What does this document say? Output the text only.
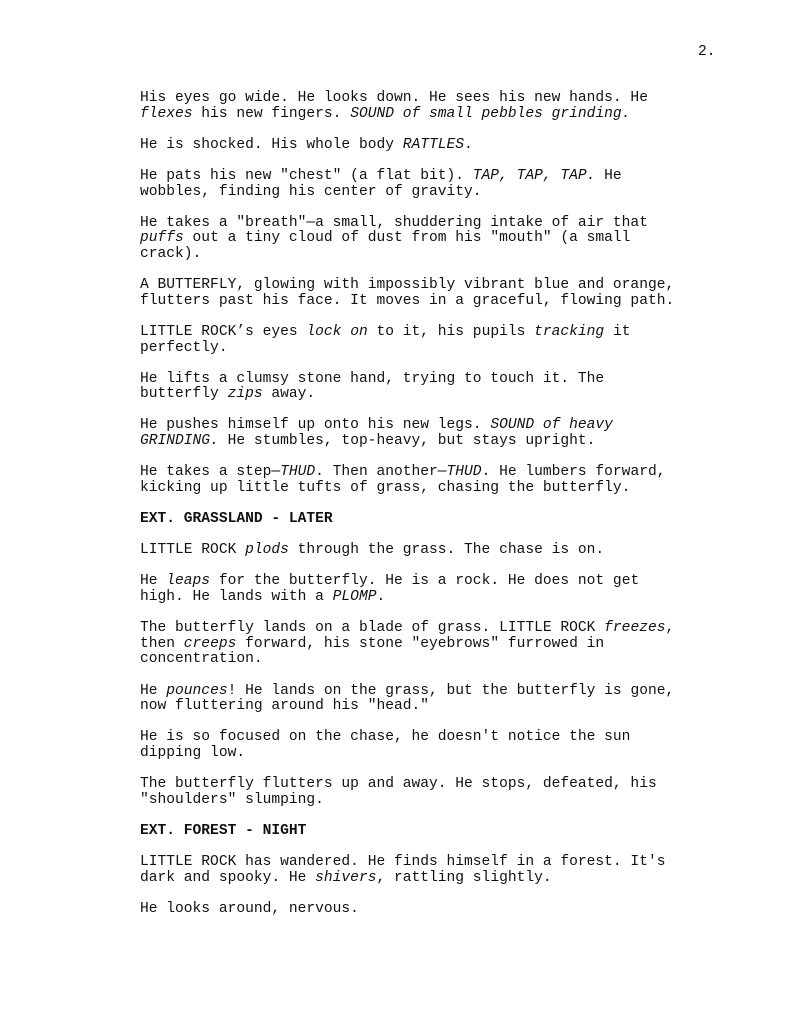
2.
His eyes go wide. He looks down. He sees his new hands. He
flexes his new fingers. SOUND of small pebbles grinding.
He is shocked. His whole body RATTLES.
He pats his new "chest" (a flat bit). TAP, TAP, TAP. He
wobbles, finding his center of gravity.
He takes a "breath"—a small, shuddering intake of air that
puffs out a tiny cloud of dust from his "mouth" (a small
crack).
A BUTTERFLY, glowing with impossibly vibrant blue and orange,
flutters past his face. It moves in a graceful, flowing path.
LITTLE ROCK’s eyes lock on to it, his pupils tracking it
perfectly.
He lifts a clumsy stone hand, trying to touch it. The
butterfly zips away.
He pushes himself up onto his new legs. SOUND of heavy
GRINDING. He stumbles, top-heavy, but stays upright.
He takes a step—THUD. Then another—THUD. He lumbers forward,
kicking up little tufts of grass, chasing the butterfly.
EXT. GRASSLAND - LATER
LITTLE ROCK plods through the grass. The chase is on.
He leaps for the butterfly. He is a rock. He does not get
high. He lands with a PLOMP.
The butterfly lands on a blade of grass. LITTLE ROCK freezes,
then creeps forward, his stone "eyebrows" furrowed in
concentration.
He pounces! He lands on the grass, but the butterfly is gone,
now fluttering around his "head."
He is so focused on the chase, he doesn't notice the sun
dipping low.
The butterfly flutters up and away. He stops, defeated, his
"shoulders" slumping.
EXT. FOREST - NIGHT
LITTLE ROCK has wandered. He finds himself in a forest. It's
dark and spooky. He shivers, rattling slightly.
He looks around, nervous.
